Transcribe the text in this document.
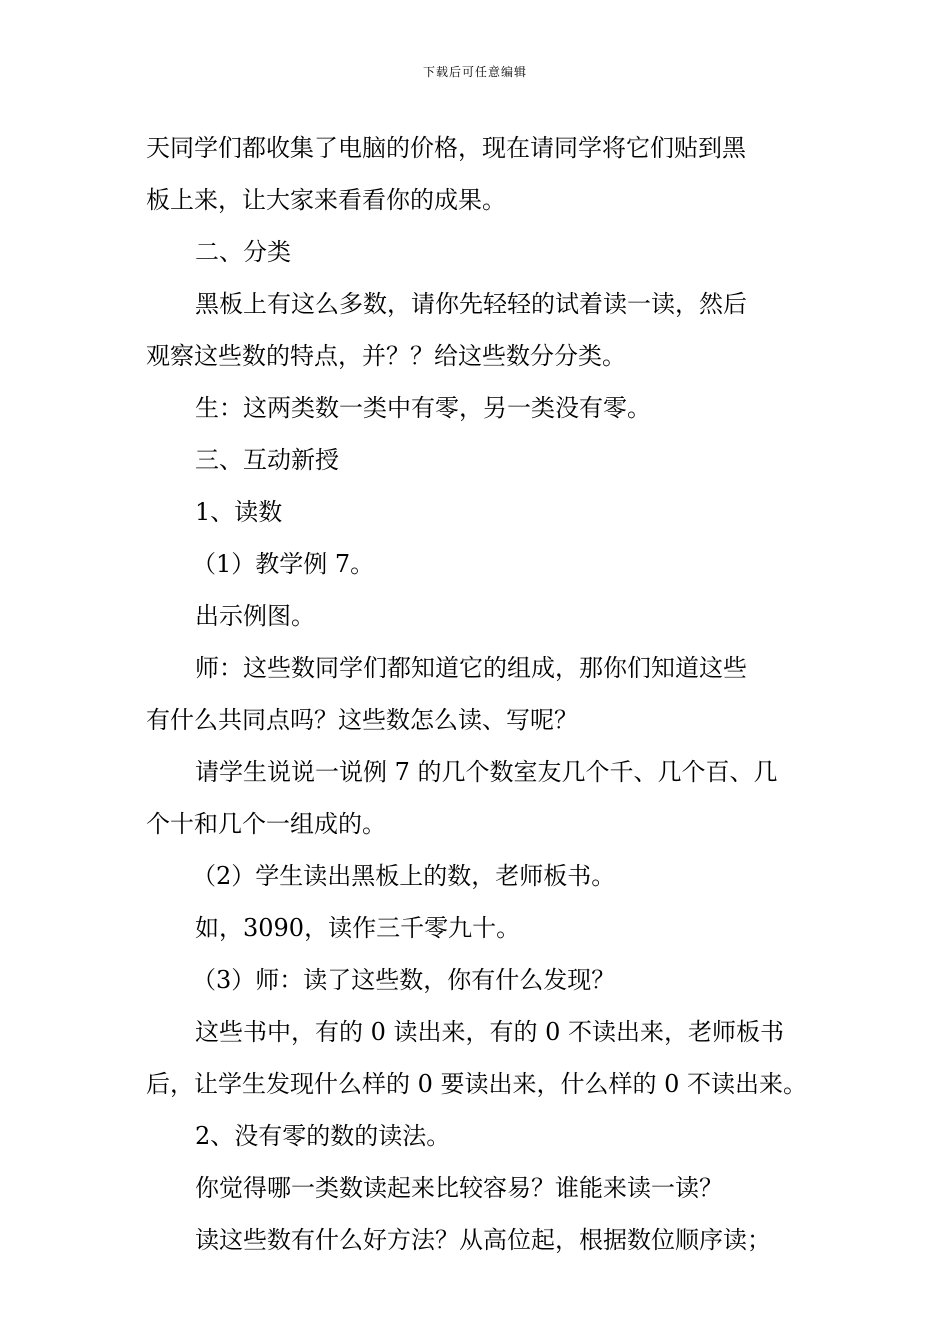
下载后可任意编辑

天同学们都收集了电脑的价格，现在请同学将它们贴到黑

板上来，让大家来看看你的成果。

二、分类

黑板上有这么多数，请你先轻轻的试着读一读，然后

观察这些数的特点，并？？给这些数分分类。

生：这两类数一类中有零，另一类没有零。

三、互动新授

1、读数

（1）教学例 7。

出示例图。

师：这些数同学们都知道它的组成，那你们知道这些

有什么共同点吗？这些数怎么读、写呢？

请学生说说一说例 7 的几个数室友几个千、几个百、几

个十和几个一组成的。

（2）学生读出黑板上的数，老师板书。

如，3090，读作三千零九十。

（3）师：读了这些数，你有什么发现？

这些书中，有的 0 读出来，有的 0 不读出来，老师板书

后，让学生发现什么样的 0 要读出来，什么样的 0 不读出来。

2、没有零的数的读法。

你觉得哪一类数读起来比较容易？谁能来读一读？

读这些数有什么好方法？从高位起，根据数位顺序读；
